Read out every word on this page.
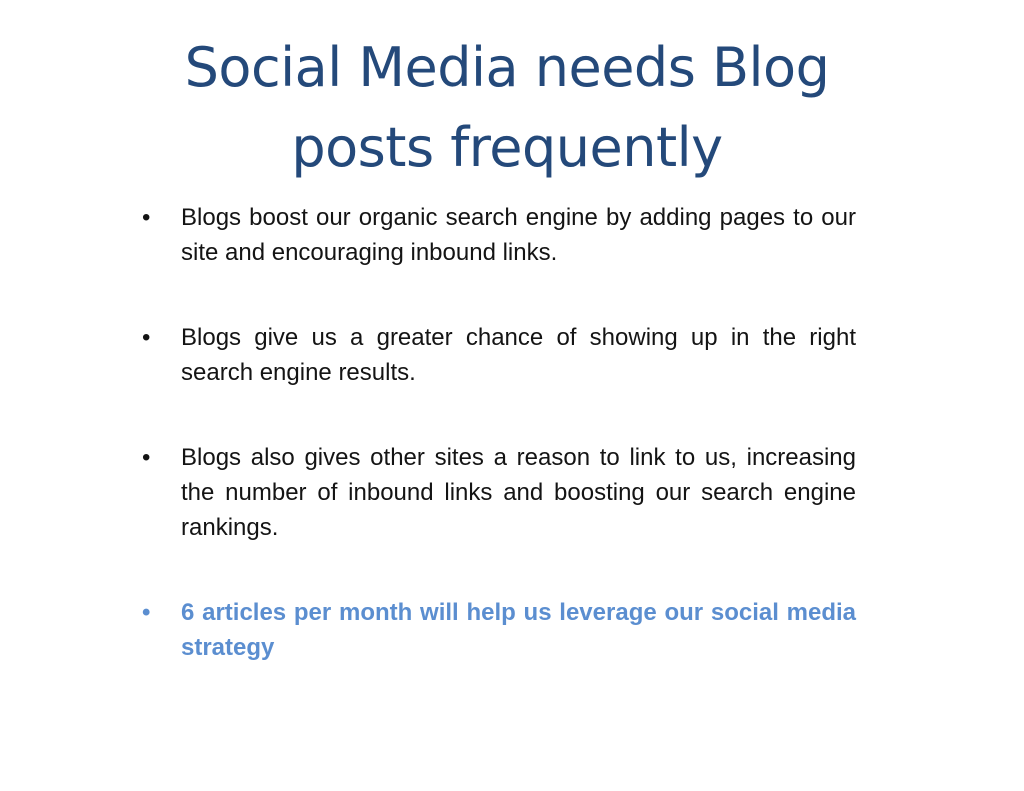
Social Media needs Blog posts frequently
• Blogs boost our organic search engine by adding pages to our site and encouraging inbound links.
• Blogs give us a greater chance of showing up in the right search engine results.
• Blogs also gives other sites a reason to link to us, increasing the number of inbound links and boosting our search engine rankings.
• 6 articles per month will help us leverage our social media strategy
